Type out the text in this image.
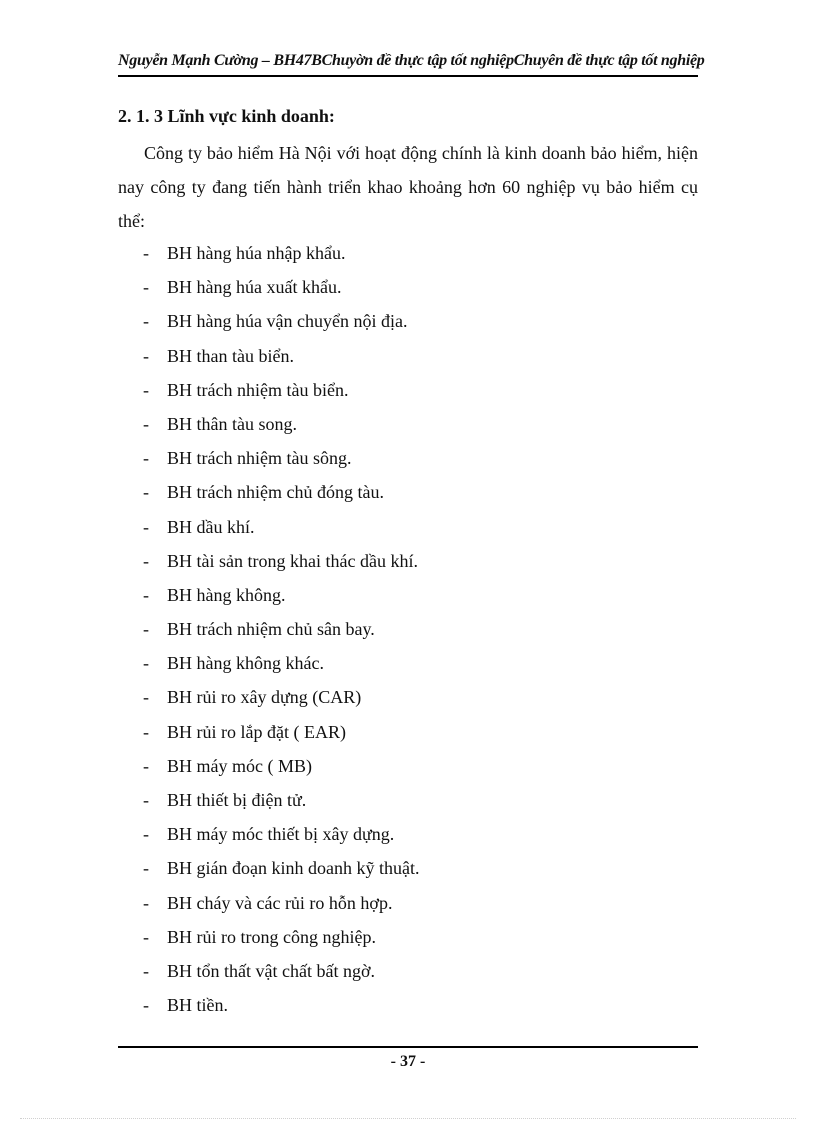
Nguyễn Mạnh Cường – BH47BChuyờn đề thực tập tốt nghiệpChuyên đề thực tập tốt nghiệp
2. 1. 3 Lĩnh vực kinh doanh:

Công ty bảo hiểm Hà Nội với hoạt động chính là kinh doanh bảo hiểm, hiện nay công ty đang tiến hành triển khao khoảng hơn 60 nghiệp vụ bảo hiểm cụ thể:

- BH hàng húa nhập khẩu.
- BH hàng húa xuất khẩu.
- BH hàng húa vận chuyển nội địa.
- BH than tàu biển.
- BH trách nhiệm tàu biển.
- BH thân tàu song.
- BH trách nhiệm tàu sông.
- BH trách nhiệm chủ đóng tàu.
- BH dầu khí.
- BH tài sản trong khai thác dầu khí.
- BH hàng không.
- BH trách nhiệm chủ sân bay.
- BH hàng không khác.
- BH rủi ro xây dựng (CAR)
- BH rủi ro lắp đặt ( EAR)
- BH máy móc ( MB)
- BH thiết bị điện tử.
- BH máy móc thiết bị xây dựng.
- BH gián đoạn kinh doanh kỹ thuật.
- BH cháy và các rủi ro hỗn hợp.
- BH rủi ro trong công nghiệp.
- BH tổn thất vật chất bất ngờ.
- BH tiền.
- 37 -
